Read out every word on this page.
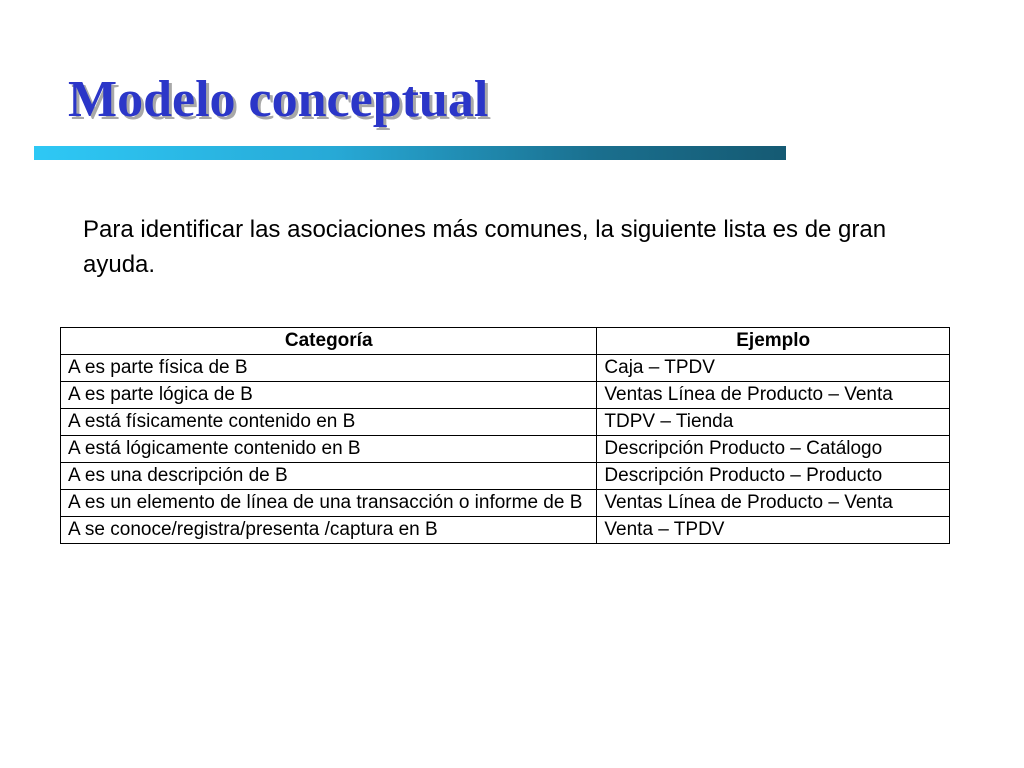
Modelo conceptual

Para identificar las asociaciones más comunes, la siguiente lista es de gran ayuda.

Categoría	Ejemplo
A es parte física de B	Caja – TPDV
A es parte lógica de B	Ventas Línea de Producto – Venta
A está físicamente contenido en B	TDPV – Tienda
A está lógicamente contenido en B	Descripción Producto – Catálogo
A es una descripción de B	Descripción Producto – Producto
A es un elemento de línea de una transacción o informe de B	Ventas Línea de Producto – Venta
A se conoce/registra/presenta /captura en B	Venta – TPDV
